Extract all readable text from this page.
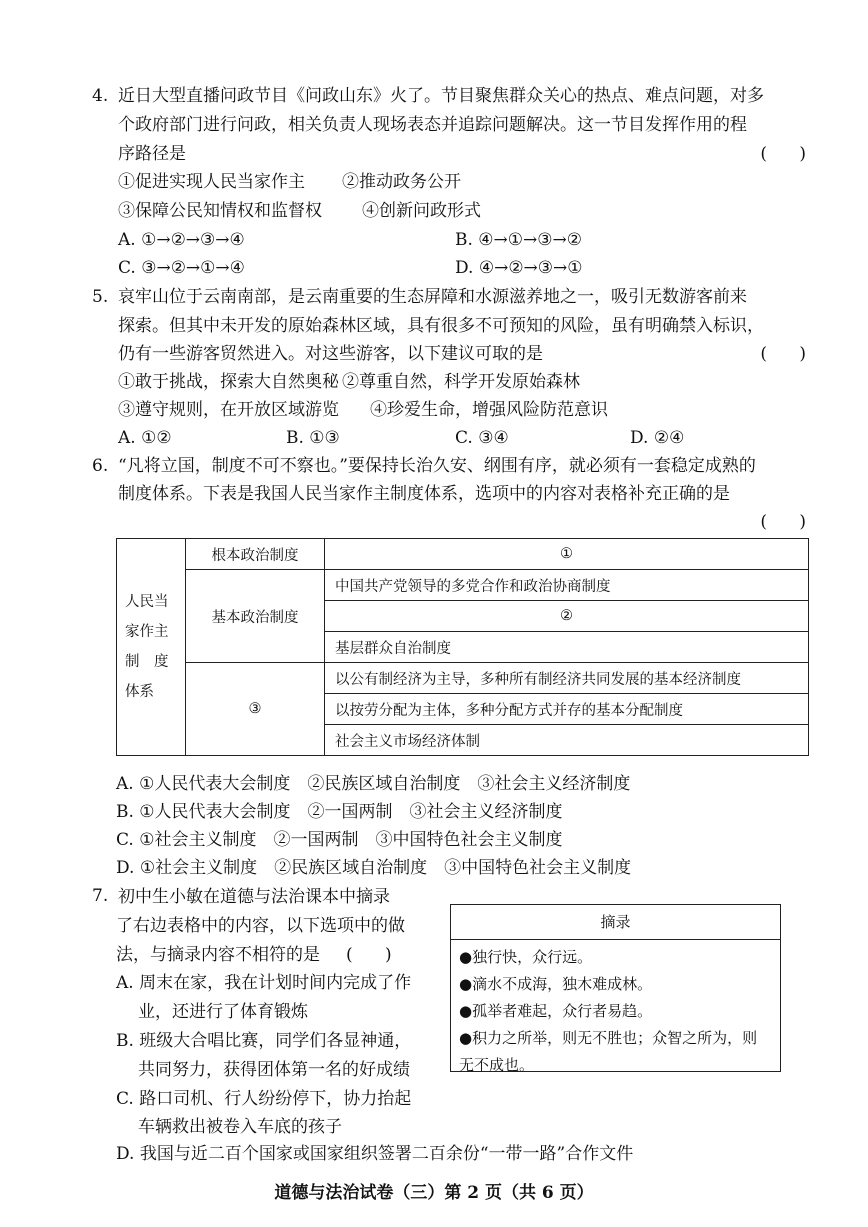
4. 近日大型直播问政节目《问政山东》火了。节目聚焦群众关心的热点、难点问题，对多
个政府部门进行问政，相关负责人现场表态并追踪问题解决。这一节目发挥作用的程
序路径是	(      )
①促进实现人民当家作主 ②推动政务公开
③保障公民知情权和监督权 ④创新问政形式
A. ①→②→③→④	B. ④→①→③→②
C. ③→②→①→④	D. ④→②→③→①
5. 哀牢山位于云南南部，是云南重要的生态屏障和水源滋养地之一，吸引无数游客前来
探索。但其中未开发的原始森林区域，具有很多不可预知的风险，虽有明确禁入标识，
仍有一些游客贸然进入。对这些游客，以下建议可取的是	(      )
①敢于挑战，探索大自然奥秘 ②尊重自然，科学开发原始森林
③遵守规则，在开放区域游览 ④珍爱生命，增强风险防范意识
A. ①②	B. ①③	C. ③④	D. ②④
6. “凡将立国，制度不可不察也。”要保持长治久安、纲围有序，就必须有一套稳定成熟的
制度体系。下表是我国人民当家作主制度体系，选项中的内容对表格补充正确的是
(      )
人民当
家作主
制　度
体系	根本政治制度	①
	基本政治制度	中国共产党领导的多党合作和政治协商制度
		②
		基层群众自治制度
	③	以公有制经济为主导，多种所有制经济共同发展的基本经济制度
		以按劳分配为主体，多种分配方式并存的基本分配制度
		社会主义市场经济体制
A. ①人民代表大会制度　②民族区域自治制度　③社会主义经济制度
B. ①人民代表大会制度　②一国两制　③社会主义经济制度
C. ①社会主义制度　②一国两制　③中国特色社会主义制度
D. ①社会主义制度　②民族区域自治制度　③中国特色社会主义制度
7. 初中生小敏在道德与法治课本中摘录
了右边表格中的内容，以下选项中的做
法，与摘录内容不相符的是 (      )
A. 周末在家，我在计划时间内完成了作
业，还进行了体育锻炼
B. 班级大合唱比赛，同学们各显神通，
共同努力，获得团体第一名的好成绩
C. 路口司机、行人纷纷停下，协力抬起
车辆救出被卷入车底的孩子
D. 我国与近二百个国家或国家组织签署二百余份“一带一路”合作文件
摘录
●独行快，众行远。
●滴水不成海，独木难成林。
●孤举者难起，众行者易趋。
●积力之所举，则无不胜也；众智之所为，则
无不成也。
道德与法治试卷（三）第 2 页（共 6 页）
